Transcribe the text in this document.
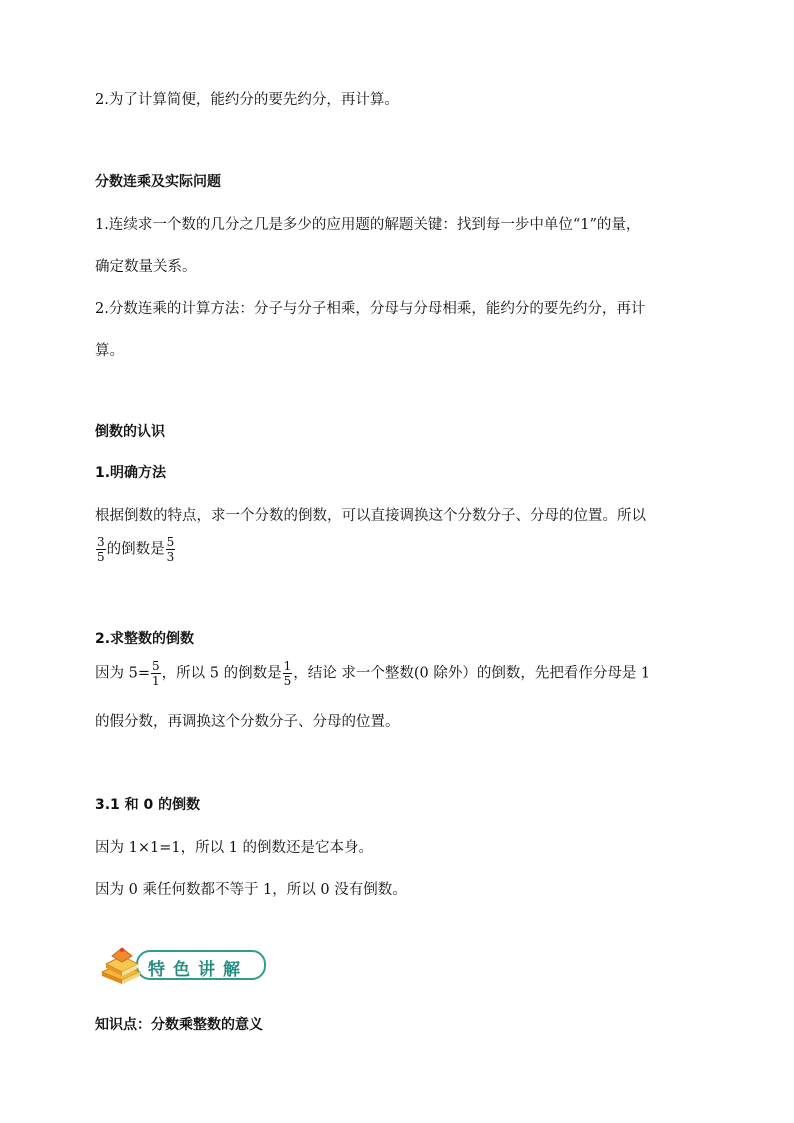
2.为了计算简便，能约分的要先约分，再计算。
分数连乘及实际问题
1.连续求一个数的几分之几是多少的应用题的解题关键：找到每一步中单位“1”的量，
确定数量关系。
2.分数连乘的计算方法：分子与分子相乘，分母与分母相乘，能约分的要先约分，再计
算。
倒数的认识
1.明确方法
根据倒数的特点，求一个分数的倒数，可以直接调换这个分数分子、分母的位置。所以
$\frac{3}{5}$ 的倒数是 $\frac{5}{3}$
2.求整数的倒数
因为 $5= \frac{5}{1}$ ，所以 5 的倒数是 $\frac{1}{5}$ ，结论 求一个整数(0 除外）的倒数，先把看作分母是 1
的假分数，再调换这个分数分子、分母的位置。
3.1 和 0 的倒数
因为 1×1=1，所以 1 的倒数还是它本身。
因为 0 乘任何数都不等于 1，所以 0 没有倒数。
特色讲解
知识点：分数乘整数的意义
